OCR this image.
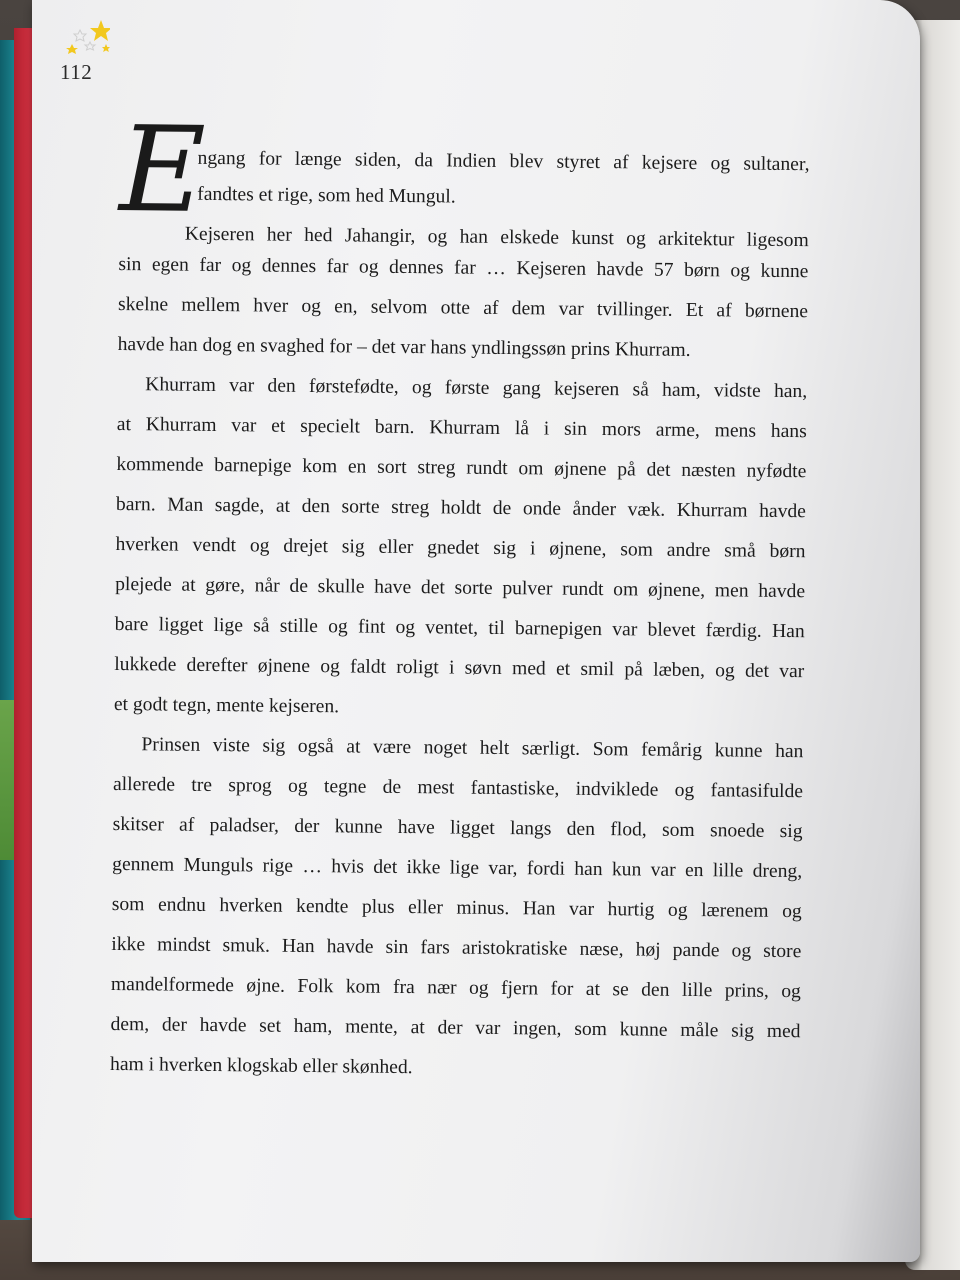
112
E
ngang for længe siden, da Indien blev styret af kejsere og sultaner,
fandtes et rige, som hed Mungul.
Kejseren her hed Jahangir, og han elskede kunst og arkitektur ligesom
sin egen far og dennes far og dennes far … Kejseren havde 57 børn og kunne
skelne mellem hver og en, selvom otte af dem var tvillinger. Et af børnene
havde han dog en svaghed for – det var hans yndlingssøn prins Khurram.
Khurram var den førstefødte, og første gang kejseren så ham, vidste han,
at Khurram var et specielt barn. Khurram lå i sin mors arme, mens hans
kommende barnepige kom en sort streg rundt om øjnene på det næsten nyfødte
barn. Man sagde, at den sorte streg holdt de onde ånder væk. Khurram havde
hverken vendt og drejet sig eller gnedet sig i øjnene, som andre små børn
plejede at gøre, når de skulle have det sorte pulver rundt om øjnene, men havde
bare ligget lige så stille og fint og ventet, til barnepigen var blevet færdig. Han
lukkede derefter øjnene og faldt roligt i søvn med et smil på læben, og det var
et godt tegn, mente kejseren.
Prinsen viste sig også at være noget helt særligt. Som femårig kunne han
allerede tre sprog og tegne de mest fantastiske, indviklede og fantasifulde
skitser af paladser, der kunne have ligget langs den flod, som snoede sig
gennem Munguls rige … hvis det ikke lige var, fordi han kun var en lille dreng,
som endnu hverken kendte plus eller minus. Han var hurtig og lærenem og
ikke mindst smuk. Han havde sin fars aristokratiske næse, høj pande og store
mandelformede øjne. Folk kom fra nær og fjern for at se den lille prins, og
dem, der havde set ham, mente, at der var ingen, som kunne måle sig med
ham i hverken klogskab eller skønhed.
